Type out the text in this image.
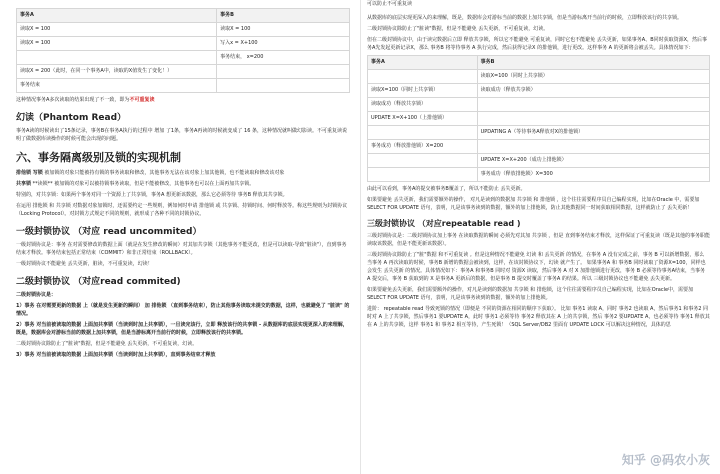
事务A	事务B
读取X = 100	读取X = 100
读取X = 100	写入x = X+100
	事务结束， x=200
读取X = 200（此时，在同一个事务A中，读取的X值发生了变化！）	
事务结束	
这种情况事务A多次读取的结果出现了不一致，即为不可重复读
幻读（Phantom Read）
事务A读的时候读出了15条记录，事务B在事务A执行的过程中 增加 了1条，事务A再读的时候就变成了 16 条，这种情况就叫做幻影读。不可重复读说明了做数据库读操作的时候可能会出现的问题。
六、事务隔离级别及锁的实现机制
排他锁 写锁 被加锁的对象只能被持有锁的事务读取和修改，其他事务无法在该对象上加其他锁，也不能读取和修改该对象
共享锁 **读锁** 被加锁的对象可以被持锁事务读取，但是不能被修改，其他事务也可以在上面再加共享锁。
特别的，对共享锁：如果两个事务对同一个资源上了共享锁，事务A 想更新该数据，那么它必须等待 事务B 释放其共享锁。
在运用 排他锁 和 共享锁 对数据对象加锁时，还需要约定一些规则，例如何时申请 排他锁 或 共享锁、持锁时间、何时释放等。称这些规则为封锁协议（Locking Protocol）。对封锁方式规定不同的规则，就形成了各种不同的封锁协议。
一级封锁协议 （对应 read uncommited）
一级封锁协议是：事务 在对需要修改的数据上面（就是在发生修改的瞬间）对其加共享锁（其他事务不能更改，但是可以读取-导致"脏读"），直到事务结束才释放。事务结束包括正常结束（COMMIT）和非正常结束（ROLLBACK）。
一级封锁协议不能避免 丢失更新，脏读，不可重复读，幻读！
二级封锁协议 （对应read commited)
二级封锁协议是：
1）事务 在对需要更新的数据 上（就是发生更新的瞬间） 加 排他锁 （直到事务结束），防止其他事务读取未提交的数据，这样，也就避免了 "脏读" 的情况。
2）事务 对当前被读取的数据 上面加共享锁（当读到时加上共享锁），一旦读完该行，立即 释放该行的共享锁 - 从数据库的底层实现更深入的来理解，既是，数据库会对游标当前的数据上加共享锁，但是当游标离开当前行的时候，立即释放该行的共享锁。
二级封锁协议除防止了"脏读"数据，但是不能避免 丢失更新，不可重复读，幻读。
3）事务 对当前被读取的数据 上面加共享锁（当读到时加上共享锁），直到事务结束才释放
可以防止不可重复读
从数据库的底层实现更深入的来理解，既是，数据库会对游标当前的数据上加共享锁，但是当游标离开当前行的时候，立即释放该行的共享锁。
二级封锁协议除防止了"脏读"数据，但是不能避免 丢失更新，不可重复读，幻读。
但在二级封锁协议中，由于读完数据后立即 释放共享锁，所以它不能避免 可重复读，同时它也不能避免 丢失更新，如果事务A、B同时获取资源X，然后事务A先发起更新记录X，那么 事务B 将等待事务 A 执行完成，然后获得记录X 的排他锁，进行更改。这样事务 A 的更新将会被丢失。具体情况如下：
事务A	事务B
	读取X=100（同时上共享锁）
读取X=100（同时上共享锁）	读取成功（释放共享锁）
读取成功（释放共享锁）	
UPDATE X=X+100（上排他锁）	
	UPDATING A（等待事务A释放对X的排他锁）
事务成功（释放排他锁）X=200	
	UPDATE X=X+200（成功上排他锁）
	事务成功（释放排他锁）X=300
由此可以看到，事务A的提交被事务B覆盖了，所以不能防止 丢失更新。
如果要避免 丢失更新，我们需要额外的操作， 对凡是读到的数据加 共享锁 和 排他锁 ，这个往往需要程序员自己编程实现，比如在Oracle 中，需要加 SELECT FOR UPDATE 语句，表明，凡是该事务读到的数据，额外的加上排他锁，防止其他数据同一时间获取相同数据，这样就防止了 丢失更新！
三级封锁协议 （对应repeatable read )
三级封锁协议是：二级封锁协议加上事务 在读取数据的瞬间 必须先对其加 共享锁 ，但是 直到事务结束才释放，这样保证了可重复读（既是其他的事务职能读取该数据，但是不能更新该数据）。
三级封锁协议除防止了"脏"数据 和不可重复读 。但是这种情况不能避免 幻读 和 丢失更新 的情况，在事务 A 没有完成之前，事务 B 可以新增数据，那么 当事务 A 再次读取的时候，事务B 新增的数据会被读到，这样，在该封锁协议下，幻读 就产生了。 如果事务A 和 事务B 同时读取了资源X=100，同样也会发生 丢失更新 的情况。具体情况如下：事务A 和事务B 同时对 资源X 读取，然后事务 A 对 X 加排他锁进行更改，事务 B 必须等待事务A结束，当事务 A 提交后，事务 B 获取到的 X 是事务A 更新后的数据，但是事务 B 提交时覆盖了事务A 的结果。所以 三级封锁协议也不能避免 丢失更新。
如果要避免丢失更新，我们需要额外的操作，对凡是读到的数据加 共享锁 和 排他锁，这个往往需要程序员自己编程实现，比如在Oracle中，需要加 SELECT FOR UPDATE 语句，表明，凡是该事务读到的数据，额外的加上排他锁。
进阶： repeatable read 导致死锁的情况（即便是 不同的资源在相同的顺序下获取）。 比如 事务1 读取 A，同时 事务2 也读取 A，然后事务1 和事务2 同时对 A 上了共享锁，然后事务1 要UPDATE A，此时 事务1 必须等待 事务2 释放其在 A 上的共享锁，然后 事务2 要UPDATE A，也必须等待 事务1 释放其在 A 上的共享锁，这样 事务1 和 事务2 相互等待，产生死锁！（SQL Server/DB2 里面有 UPDATE LOCK 可以解决这种情况，具体的思
知乎 @码农小灰
